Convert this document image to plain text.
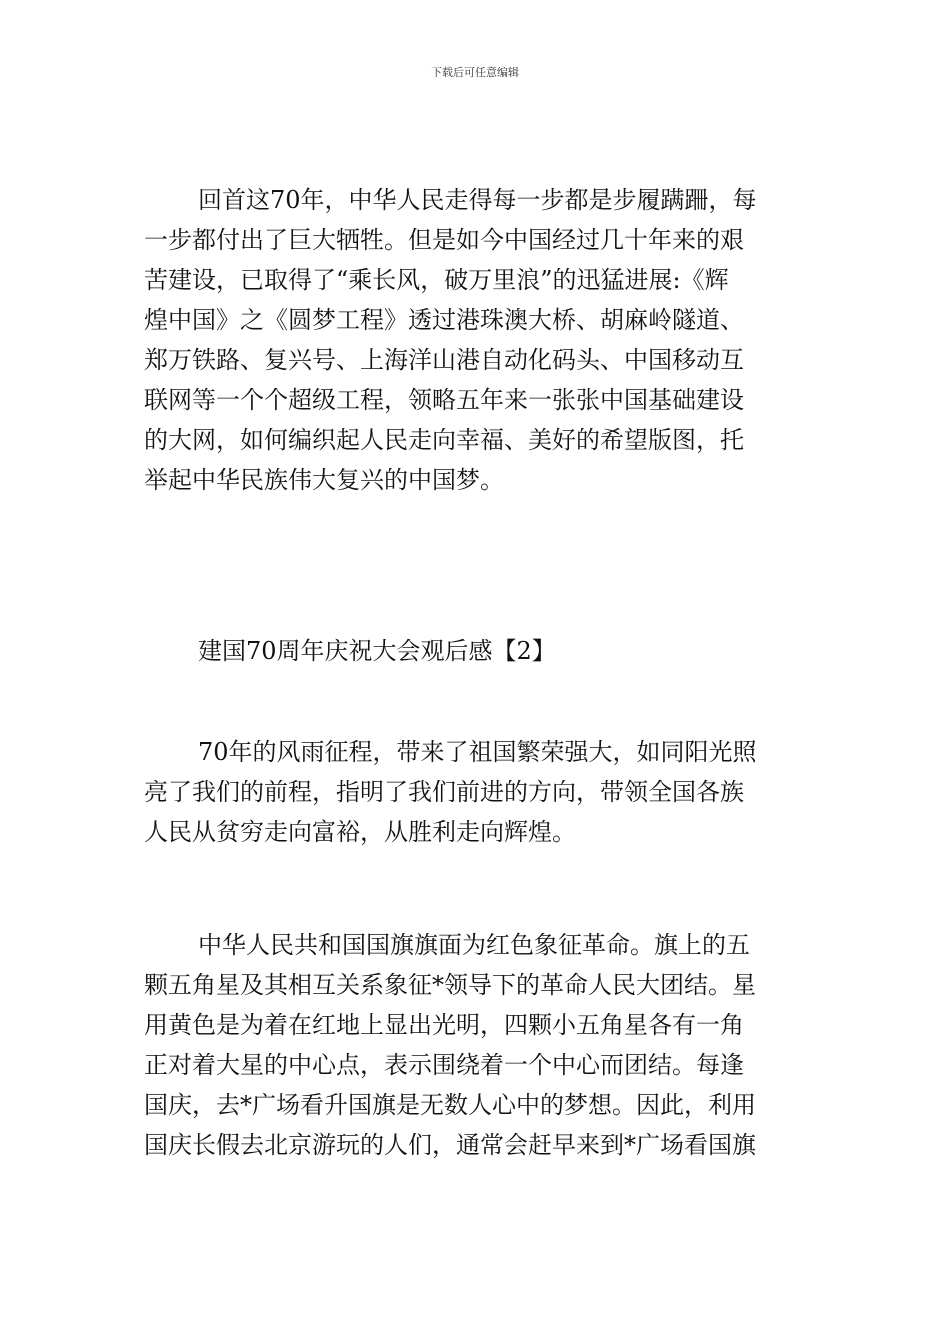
下载后可任意编辑
回首这70年，中华人民走得每一步都是步履蹒跚，每
一步都付出了巨大牺牲。但是如今中国经过几十年来的艰
苦建设，已取得了“乘长风，破万里浪”的迅猛进展:《辉
煌中国》之《圆梦工程》透过港珠澳大桥、胡麻岭隧道、
郑万铁路、复兴号、上海洋山港自动化码头、中国移动互
联网等一个个超级工程，领略五年来一张张中国基础建设
的大网，如何编织起人民走向幸福、美好的希望版图，托
举起中华民族伟大复兴的中国梦。
建国70周年庆祝大会观后感【2】
70年的风雨征程，带来了祖国繁荣强大，如同阳光照
亮了我们的前程，指明了我们前进的方向，带领全国各族
人民从贫穷走向富裕，从胜利走向辉煌。
中华人民共和国国旗旗面为红色象征革命。旗上的五
颗五角星及其相互关系象征*领导下的革命人民大团结。星
用黄色是为着在红地上显出光明，四颗小五角星各有一角
正对着大星的中心点，表示围绕着一个中心而团结。每逢
国庆，去*广场看升国旗是无数人心中的梦想。因此，利用
国庆长假去北京游玩的人们，通常会赶早来到*广场看国旗
